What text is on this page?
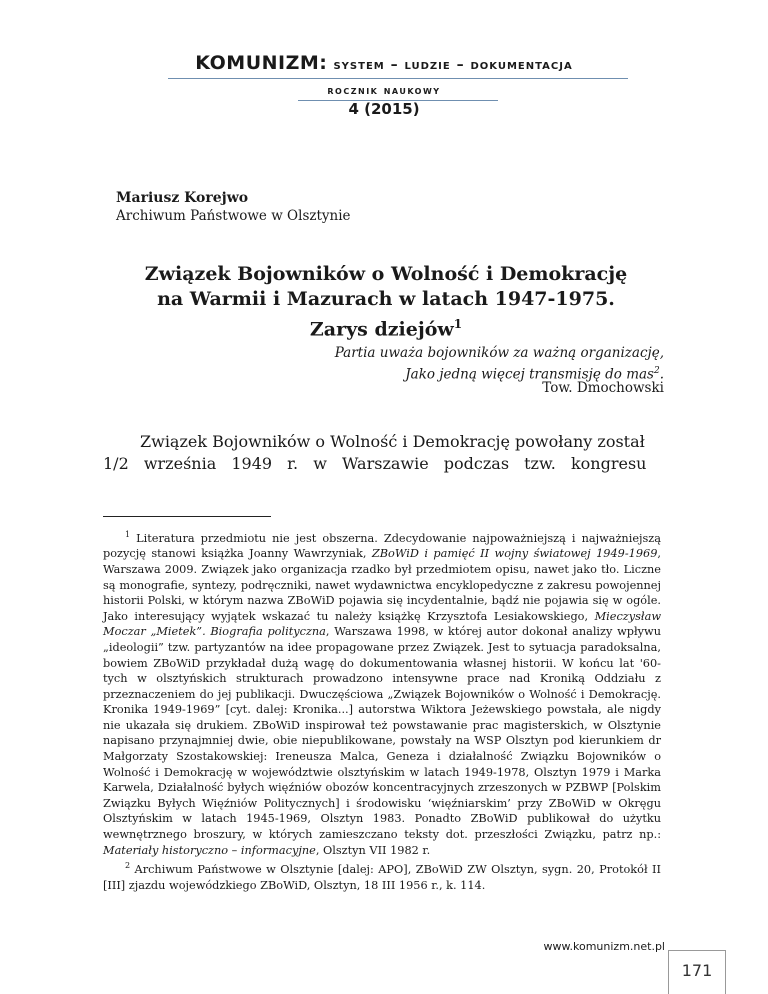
KOMUNIZM: system – ludzie – dokumentacja
rocznik naukowy
4 (2015)
Mariusz Korejwo
Archiwum Państwowe w Olsztynie
Związek Bojowników o Wolność i Demokrację
na Warmii i Mazurach w latach 1947-1975.
Zarys dziejów$^1$
Partia uważa bojowników za ważną organizację,
Jako jedną więcej transmisję do mas$^2$.
Tow. Dmochowski
Związek Bojowników o Wolność i Demokrację powołany został
1/2 września 1949 r. w Warszawie podczas tzw. kongresu

$^1$ Literatura przedmiotu nie jest obszerna. Zdecydowanie najpoważniejszą i najważniejszą pozycję stanowi książka Joanny Wawrzyniak, ZBoWiD i pamięć II wojny światowej 1949-1969, Warszawa 2009. Związek jako organizacja rzadko był przedmiotem opisu, nawet jako tło. Liczne są monografie, syntezy, podręczniki, nawet wydawnictwa encyklopedyczne z zakresu powojennej historii Polski, w którym nazwa ZBoWiD pojawia się incydentalnie, bądź nie pojawia się w ogóle. Jako interesujący wyjątek wskazać tu należy książkę Krzysztofa Lesiakowskiego, Mieczysław Moczar „Mietek”. Biografia polityczna, Warszawa 1998, w której autor dokonał analizy wpływu „ideologii” tzw. partyzantów na idee propagowane przez Związek. Jest to sytuacja paradoksalna, bowiem ZBoWiD przykładał dużą wagę do dokumentowania własnej historii. W końcu lat '60-tych w olsztyńskich strukturach prowadzono intensywne prace nad Kroniką Oddziału z przeznaczeniem do jej publikacji. Dwuczęściowa „Związek Bojowników o Wolność i Demokrację. Kronika 1949-1969” [cyt. dalej: Kronika...] autorstwa Wiktora Jeżewskiego powstała, ale nigdy nie ukazała się drukiem. ZBoWiD inspirował też powstawanie prac magisterskich, w Olsztynie napisano przynajmniej dwie, obie niepublikowane, powstały na WSP Olsztyn pod kierunkiem dr Małgorzaty Szostakowskiej: Ireneusza Malca, Geneza i działalność Związku Bojowników o Wolność i Demokrację w województwie olsztyńskim w latach 1949-1978, Olsztyn 1979 i Marka Karwela, Działalność byłych więźniów obozów koncentracyjnych zrzeszonych w PZBWP [Polskim Związku Byłych Więźniów Politycznych] i środowisku ‘więźniarskim’ przy ZBoWiD w Okręgu Olsztyńskim w latach 1945-1969, Olsztyn 1983. Ponadto ZBoWiD publikował do użytku wewnętrznego broszury, w których zamieszczano teksty dot. przeszłości Związku, patrz np.: Materiały historyczno – informacyjne, Olsztyn VII 1982 r.

$^2$ Archiwum Państwowe w Olsztynie [dalej: APO], ZBoWiD ZW Olsztyn, sygn. 20, Protokół II [III] zjazdu wojewódzkiego ZBoWiD, Olsztyn, 18 III 1956 r., k. 114.

www.komunizm.net.pl
171
